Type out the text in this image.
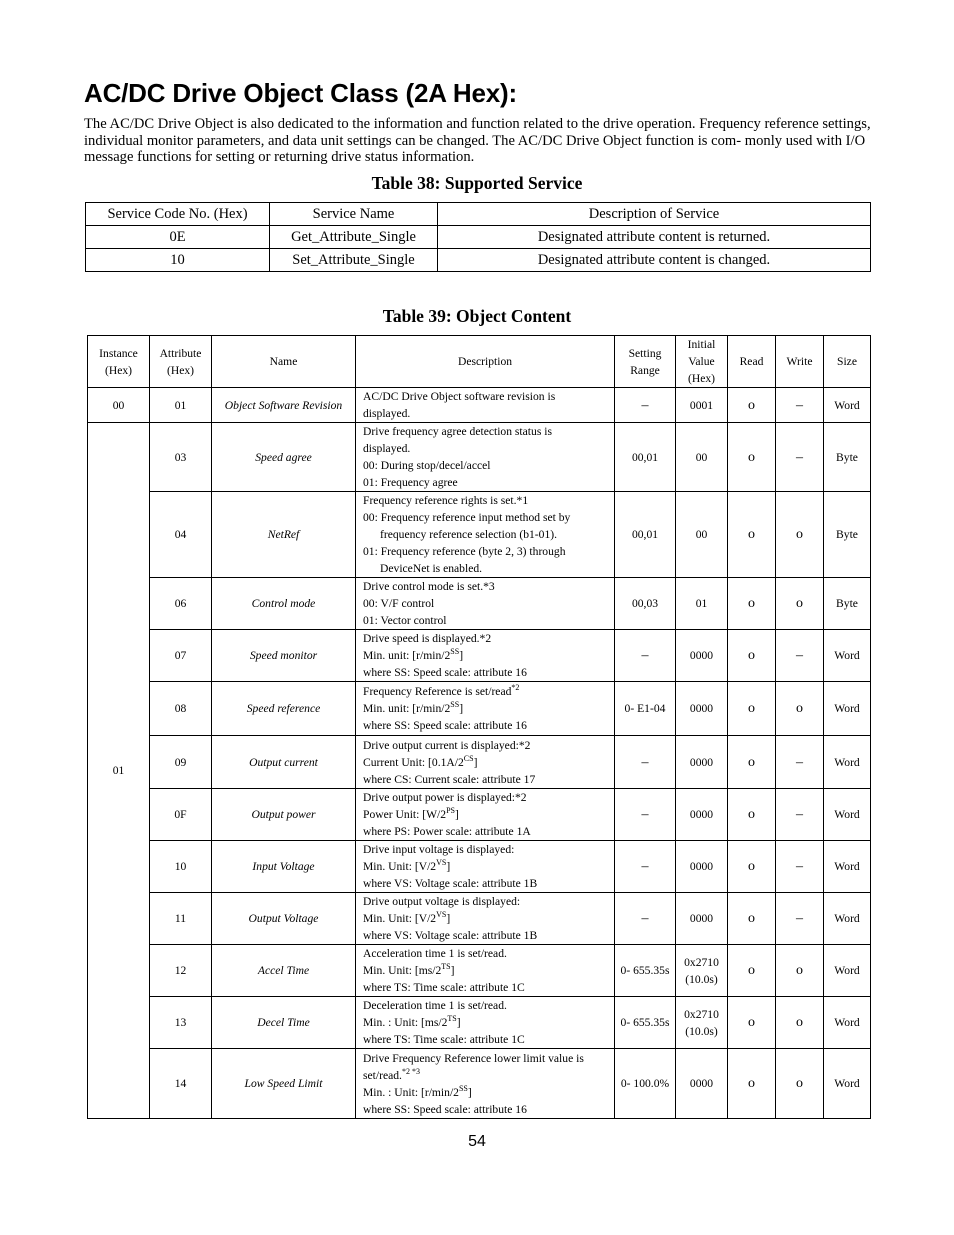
AC/DC Drive Object Class (2A Hex):

The AC/DC Drive Object is also dedicated to the information and function related to the drive operation. Frequency reference settings, individual monitor parameters, and data unit settings can be changed. The AC/DC Drive Object function is com- monly used with I/O message functions for setting or returning drive status information.

Table 38: Supported Service

Service Code No. (Hex)	Service Name	Description of Service
0E	Get_Attribute_Single	Designated attribute content is returned.
10	Set_Attribute_Single	Designated attribute content is changed.

Table 39: Object Content

Instance (Hex)	Attribute (Hex)	Name	Description	Setting Range	Initial Value (Hex)	Read	Write	Size
00	01	Object Software Revision	AC/DC Drive Object software revision is
displayed.	–	0001	o	–	Word
01	03	Speed agree	Drive frequency agree detection status is
displayed.
00: During stop/decel/accel
01: Frequency agree	00,01	00	o	–	Byte
	04	NetRef	Frequency reference rights is set.*1
00: Frequency reference input method set by
frequency reference selection (b1-01).
01: Frequency reference (byte 2, 3) through
DeviceNet is enabled.	00,01	00	o	o	Byte
	06	Control mode	Drive control mode is set.*3
00: V/F control
01: Vector control	00,03	01	o	o	Byte
	07	Speed monitor	Drive speed is displayed.*2
Min. unit: $[r/\min/2^{SS}]$
where SS: Speed scale: attribute 16	–	0000	o	–	Word
	08	Speed reference	Frequency Reference is set/read$^{*2}$
Min. unit: $[r/\min/2^{SS}]$
where SS: Speed scale: attribute 16	0- E1-04	0000	o	o	Word
	09	Output current	Drive output current is displayed:*2
Current Unit: $[0.1A/2^{CS}]$
where CS: Current scale: attribute 17	–	0000	o	–	Word
	0F	Output power	Drive output power is displayed:*2
Power Unit: $[W/2^{PS}]$
where PS: Power scale: attribute 1A	–	0000	o	–	Word
	10	Input Voltage	Drive input voltage is displayed:
Min. Unit: $[V/2^{VS}]$
where VS: Voltage scale: attribute 1B	–	0000	o	–	Word
	11	Output Voltage	Drive output voltage is displayed:
Min. Unit: $[V/2^{VS}]$
where VS: Voltage scale: attribute 1B	–	0000	o	–	Word
	12	Accel Time	Acceleration time 1 is set/read.
Min. Unit: $[ms/2^{TS}]$
where TS: Time scale: attribute 1C	0- 655.35s	0x2710 (10.0s)	o	o	Word
	13	Decel Time	Deceleration time 1 is set/read.
Min. : Unit: $[ms/2^{TS}]$
where TS: Time scale: attribute 1C	0- 655.35s	0x2710 (10.0s)	o	o	Word
	14	Low Speed Limit	Drive Frequency Reference lower limit value is
set/read.$^{*2 *3}$
Min. : Unit: $[r/\min/2^{SS}]$
where SS: Speed scale: attribute 16	0- 100.0%	0000	o	o	Word
54
